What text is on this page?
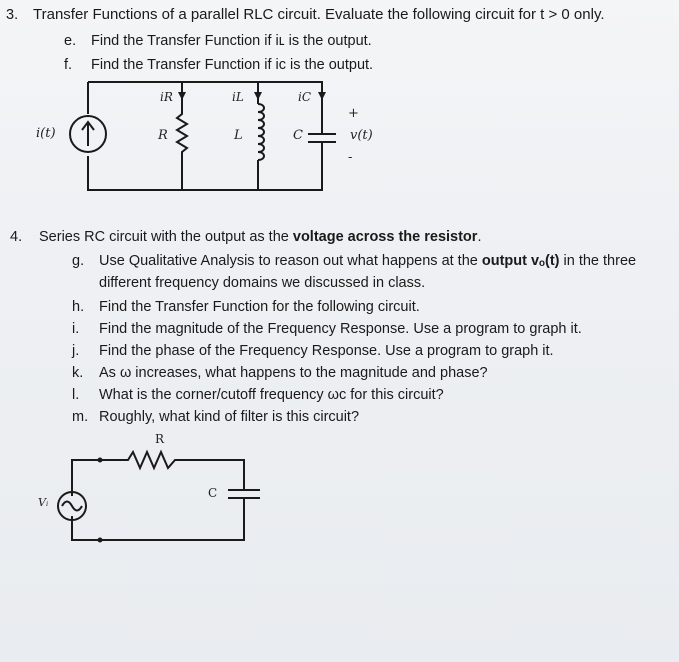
3. Transfer Functions of a parallel RLC circuit. Evaluate the following circuit for t > 0 only.
e. Find the Transfer Function if iʟ is the output.
f. Find the Transfer Function if iᴄ is the output.
i(t)
iR	iL	iC
R	L	C
+
v(t)
-
4. Series RC circuit with the output as the voltage across the resistor.
g. Use Qualitative Analysis to reason out what happens at the output vₒ(t) in the three
different frequency domains we discussed in class.
h. Find the Transfer Function for the following circuit.
i. Find the magnitude of the Frequency Response. Use a program to graph it.
j. Find the phase of the Frequency Response. Use a program to graph it.
k. As ω increases, what happens to the magnitude and phase?
l. What is the corner/cutoff frequency ωᴄ for this circuit?
m. Roughly, what kind of filter is this circuit?
R
C
Vᵢ
